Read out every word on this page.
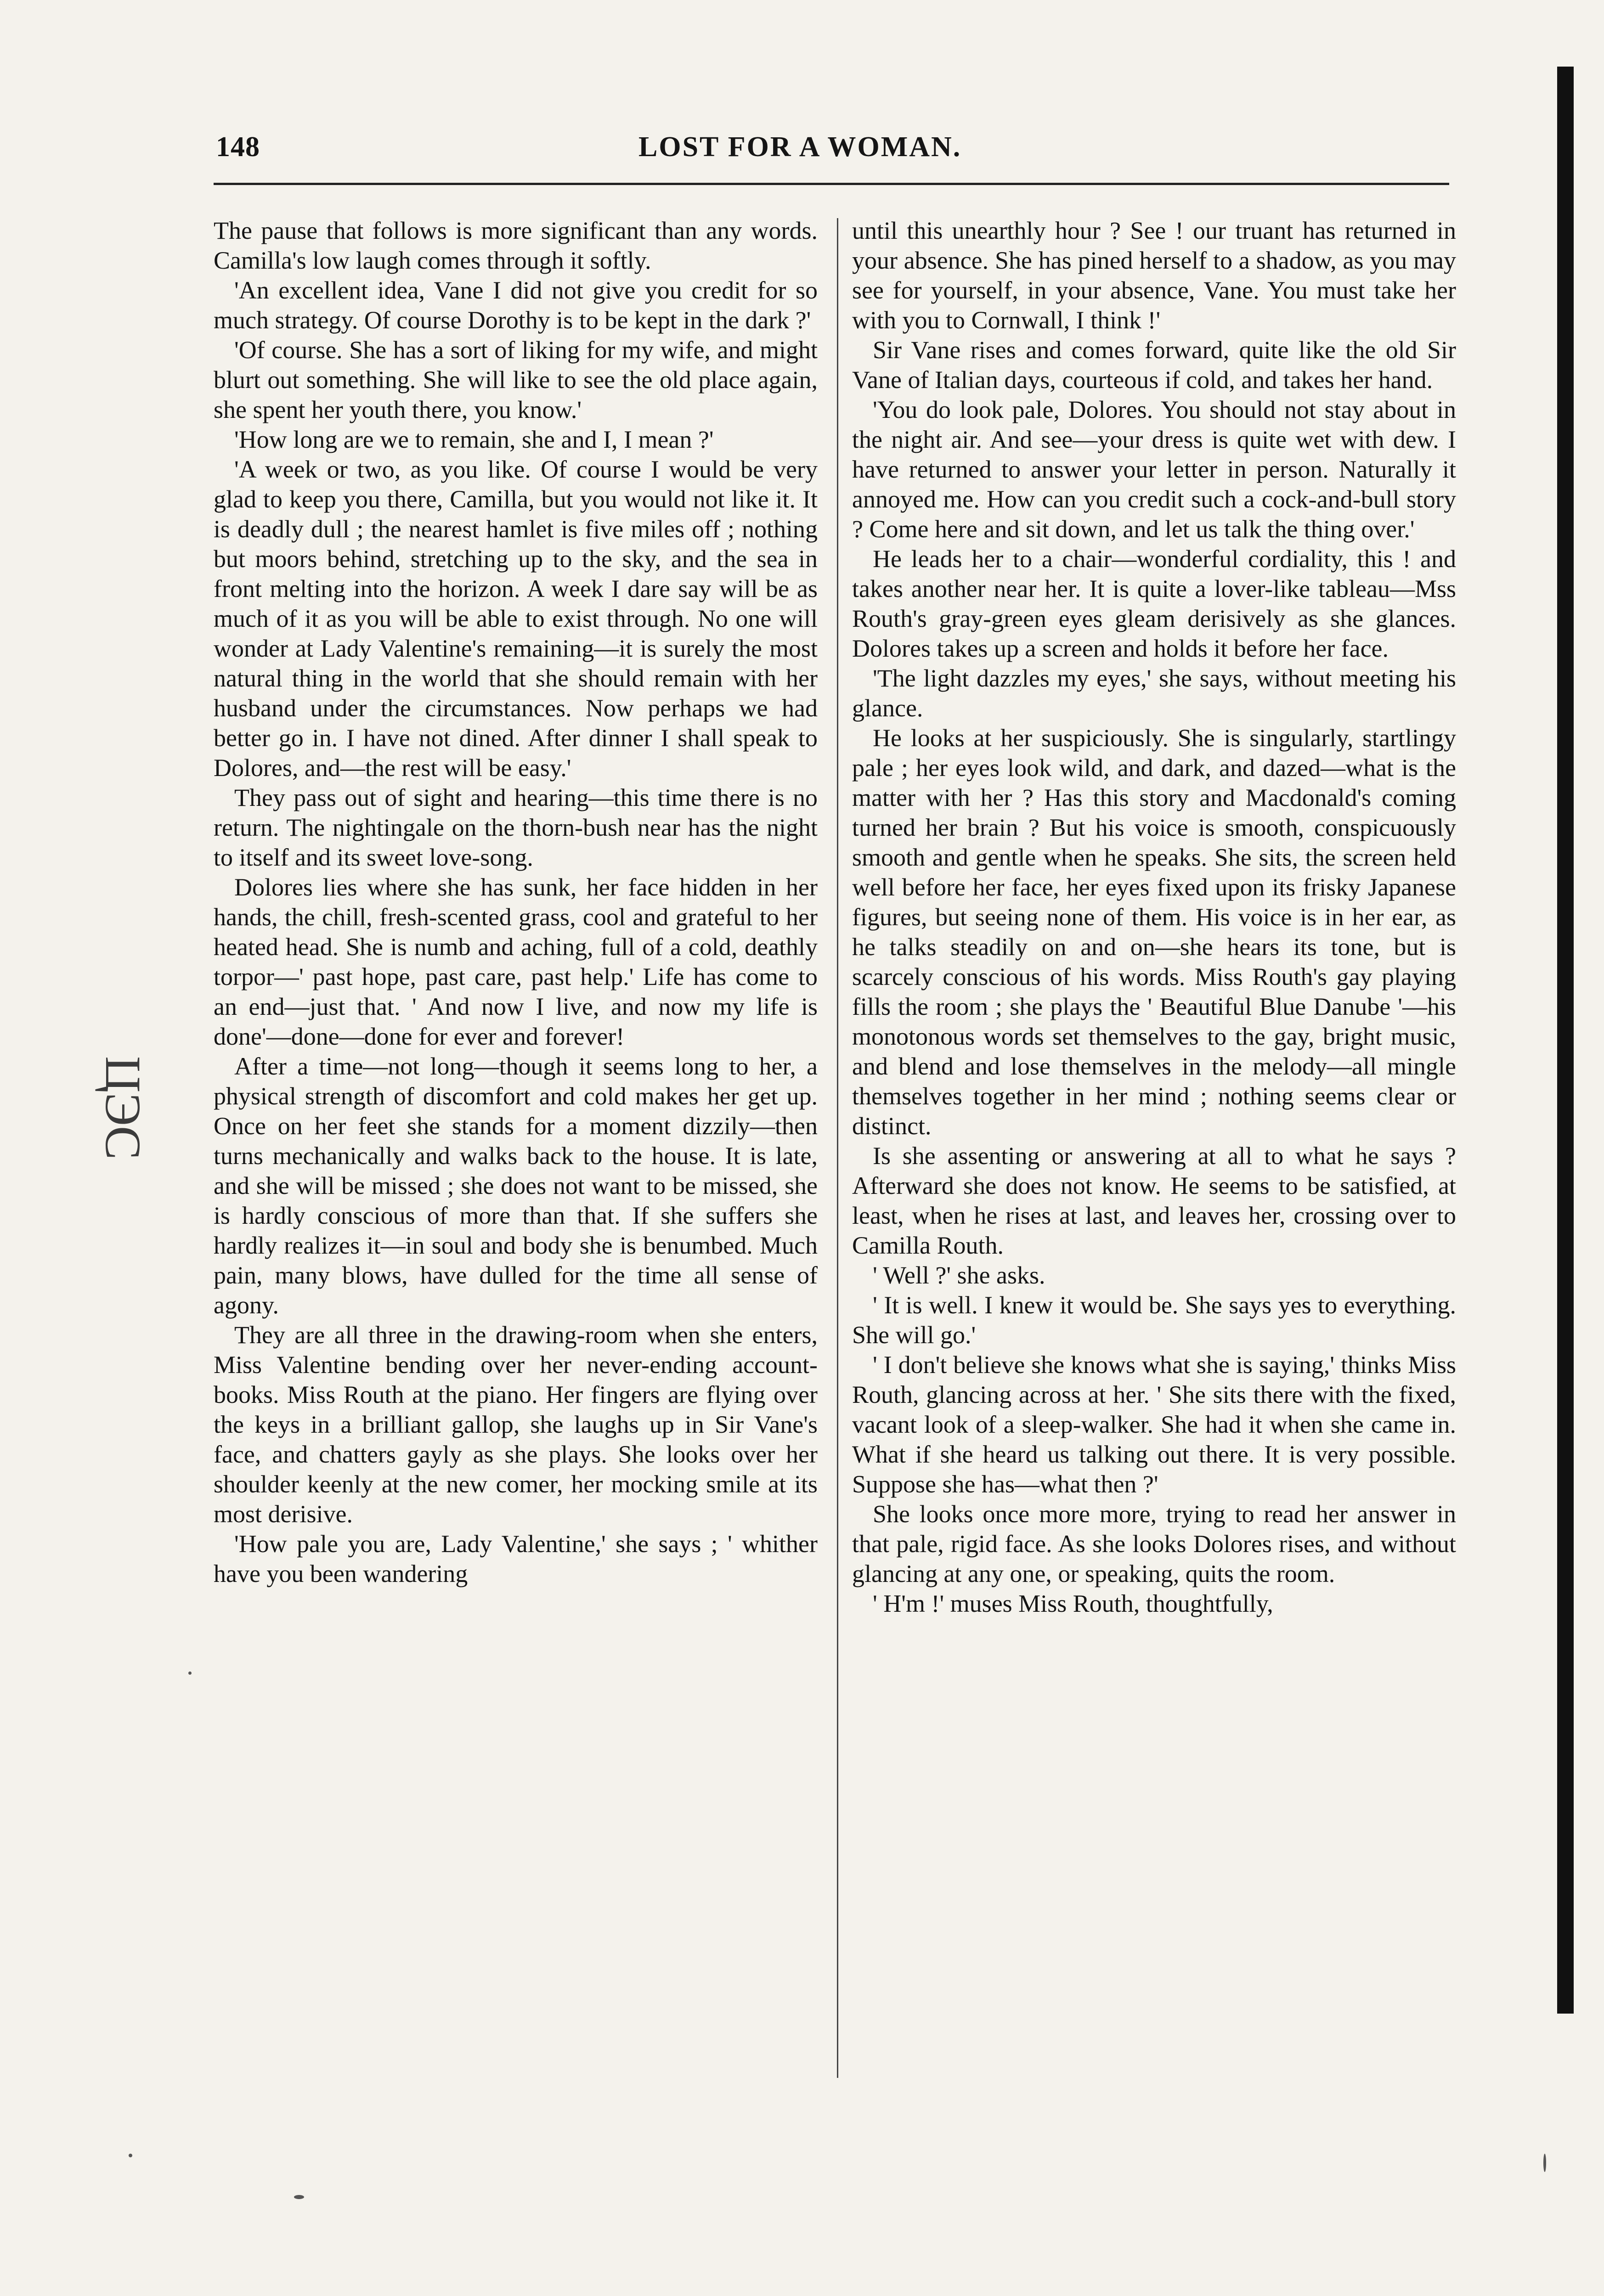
148	LOST FOR A WOMAN.
ЦЭС

The pause that follows is more significant than any words. Camilla's low laugh comes through it softly.

'An excellent idea, Vane I did not give you credit for so much strategy. Of course Dorothy is to be kept in the dark ?'

'Of course. She has a sort of liking for my wife, and might blurt out something. She will like to see the old place again, she spent her youth there, you know.'

'How long are we to remain, she and I, I mean ?'

'A week or two, as you like. Of course I would be very glad to keep you there, Camilla, but you would not like it. It is deadly dull ; the nearest hamlet is five miles off ; nothing but moors behind, stretching up to the sky, and the sea in front melting into the horizon. A week I dare say will be as much of it as you will be able to exist through. No one will wonder at Lady Valentine's remaining—it is surely the most natural thing in the world that she should remain with her husband under the circumstances. Now perhaps we had better go in. I have not dined. After dinner I shall speak to Dolores, and—the rest will be easy.'

They pass out of sight and hearing—this time there is no return. The nightingale on the thorn-bush near has the night to itself and its sweet love-song.

Dolores lies where she has sunk, her face hidden in her hands, the chill, fresh-scented grass, cool and grateful to her heated head. She is numb and aching, full of a cold, deathly torpor—' past hope, past care, past help.' Life has come to an end—just that. ' And now I live, and now my life is done'—done—done for ever and forever!

After a time—not long—though it seems long to her, a physical strength of discomfort and cold makes her get up. Once on her feet she stands for a moment dizzily—then turns mechanically and walks back to the house. It is late, and she will be missed ; she does not want to be missed, she is hardly conscious of more than that. If she suffers she hardly realizes it—in soul and body she is benumbed. Much pain, many blows, have dulled for the time all sense of agony.

They are all three in the drawing-room when she enters, Miss Valentine bending over her never-ending account-books. Miss Routh at the piano. Her fingers are flying over the keys in a brilliant gallop, she laughs up in Sir Vane's face, and chatters gayly as she plays. She looks over her shoulder keenly at the new comer, her mocking smile at its most derisive.

'How pale you are, Lady Valentine,' she says ; ' whither have you been wandering

until this unearthly hour ? See ! our truant has returned in your absence. She has pined herself to a shadow, as you may see for yourself, in your absence, Vane. You must take her with you to Cornwall, I think !'

Sir Vane rises and comes forward, quite like the old Sir Vane of Italian days, courteous if cold, and takes her hand.

'You do look pale, Dolores. You should not stay about in the night air. And see—your dress is quite wet with dew. I have returned to answer your letter in person. Naturally it annoyed me. How can you credit such a cock-and-bull story ? Come here and sit down, and let us talk the thing over.'

He leads her to a chair—wonderful cordiality, this ! and takes another near her. It is quite a lover-like tableau—Mss Routh's gray-green eyes gleam derisively as she glances. Dolores takes up a screen and holds it before her face.

'The light dazzles my eyes,' she says, without meeting his glance.

He looks at her suspiciously. She is singularly, startlingy pale ; her eyes look wild, and dark, and dazed—what is the matter with her ? Has this story and Macdonald's coming turned her brain ? But his voice is smooth, conspicuously smooth and gentle when he speaks. She sits, the screen held well before her face, her eyes fixed upon its frisky Japanese figures, but seeing none of them. His voice is in her ear, as he talks steadily on and on—she hears its tone, but is scarcely conscious of his words. Miss Routh's gay playing fills the room ; she plays the ' Beautiful Blue Danube '—his monotonous words set themselves to the gay, bright music, and blend and lose themselves in the melody—all mingle themselves together in her mind ; nothing seems clear or distinct.

Is she assenting or answering at all to what he says ? Afterward she does not know. He seems to be satisfied, at least, when he rises at last, and leaves her, crossing over to Camilla Routh.

' Well ?' she asks.

' It is well. I knew it would be. She says yes to everything. She will go.'

' I don't believe she knows what she is saying,' thinks Miss Routh, glancing across at her. ' She sits there with the fixed, vacant look of a sleep-walker. She had it when she came in. What if she heard us talking out there. It is very possible. Suppose she has—what then ?'

She looks once more more, trying to read her answer in that pale, rigid face. As she looks Dolores rises, and without glancing at any one, or speaking, quits the room.

' H'm !' muses Miss Routh, thoughtfully,
